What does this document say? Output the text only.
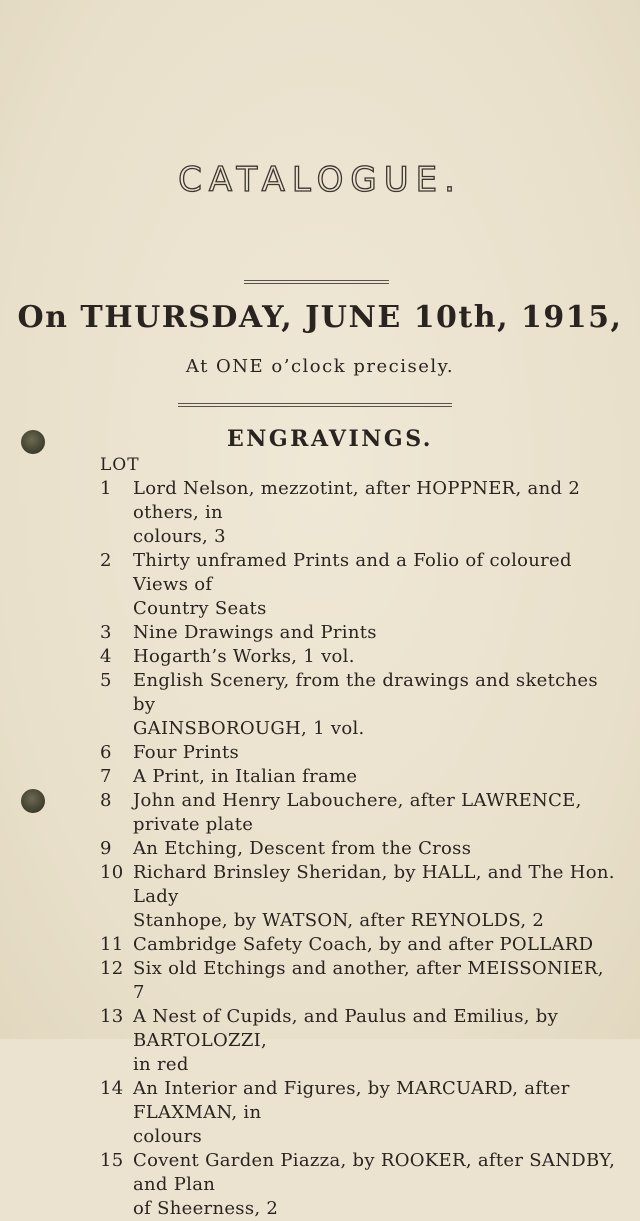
CATALOGUE.
On THURSDAY, JUNE 10th, 1915,
At ONE o’clock precisely.
ENGRAVINGS.
LOT
1	Lord Nelson, mezzotint, after HOPPNER, and 2 others, in
colours, 3
2	Thirty unframed Prints and a Folio of coloured Views of
Country Seats
3	Nine Drawings and Prints
4	Hogarth’s Works, 1 vol.
5	English Scenery, from the drawings and sketches by
GAINSBOROUGH, 1 vol.
6	Four Prints
7	A Print, in Italian frame
8	John and Henry Labouchere, after LAWRENCE, private plate
9	An Etching, Descent from the Cross
10 Richard Brinsley Sheridan, by HALL, and The Hon. Lady
Stanhope, by WATSON, after REYNOLDS, 2
11 Cambridge Safety Coach, by and after POLLARD
12 Six old Etchings and another, after MEISSONIER, 7
13 A Nest of Cupids, and Paulus and Emilius, by BARTOLOZZI,
in red
14 An Interior and Figures, by MARCUARD, after FLAXMAN, in
colours
15 Covent Garden Piazza, by ROOKER, after SANDBY, and Plan
of Sheerness, 2
